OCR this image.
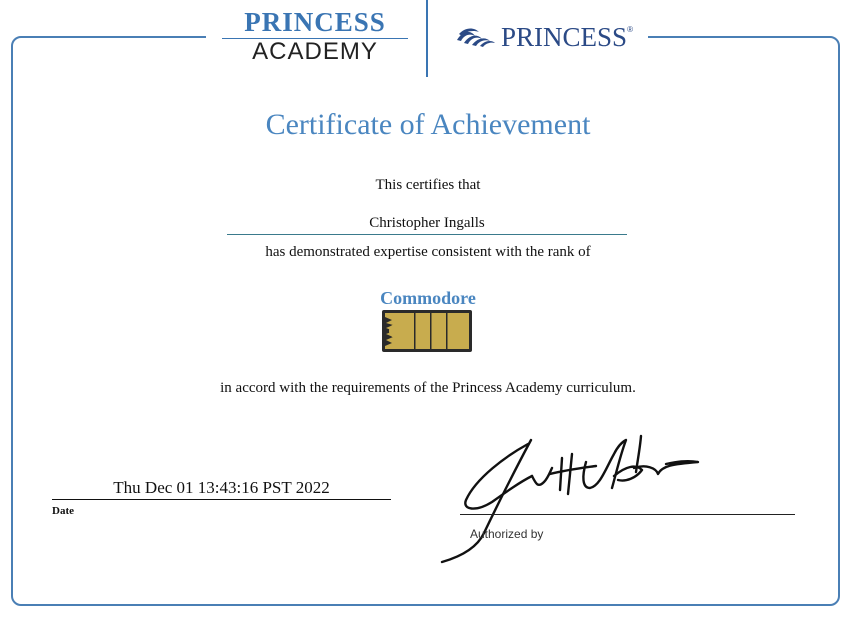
PRINCESS
ACADEMY	PRINCESS ®
Certificate of Achievement
This certifies that
Christopher Ingalls
has demonstrated expertise consistent with the rank of
Commodore
in accord with the requirements of the Princess Academy curriculum.
Thu Dec 01 13:43:16 PST 2022
Date
Authorized by
